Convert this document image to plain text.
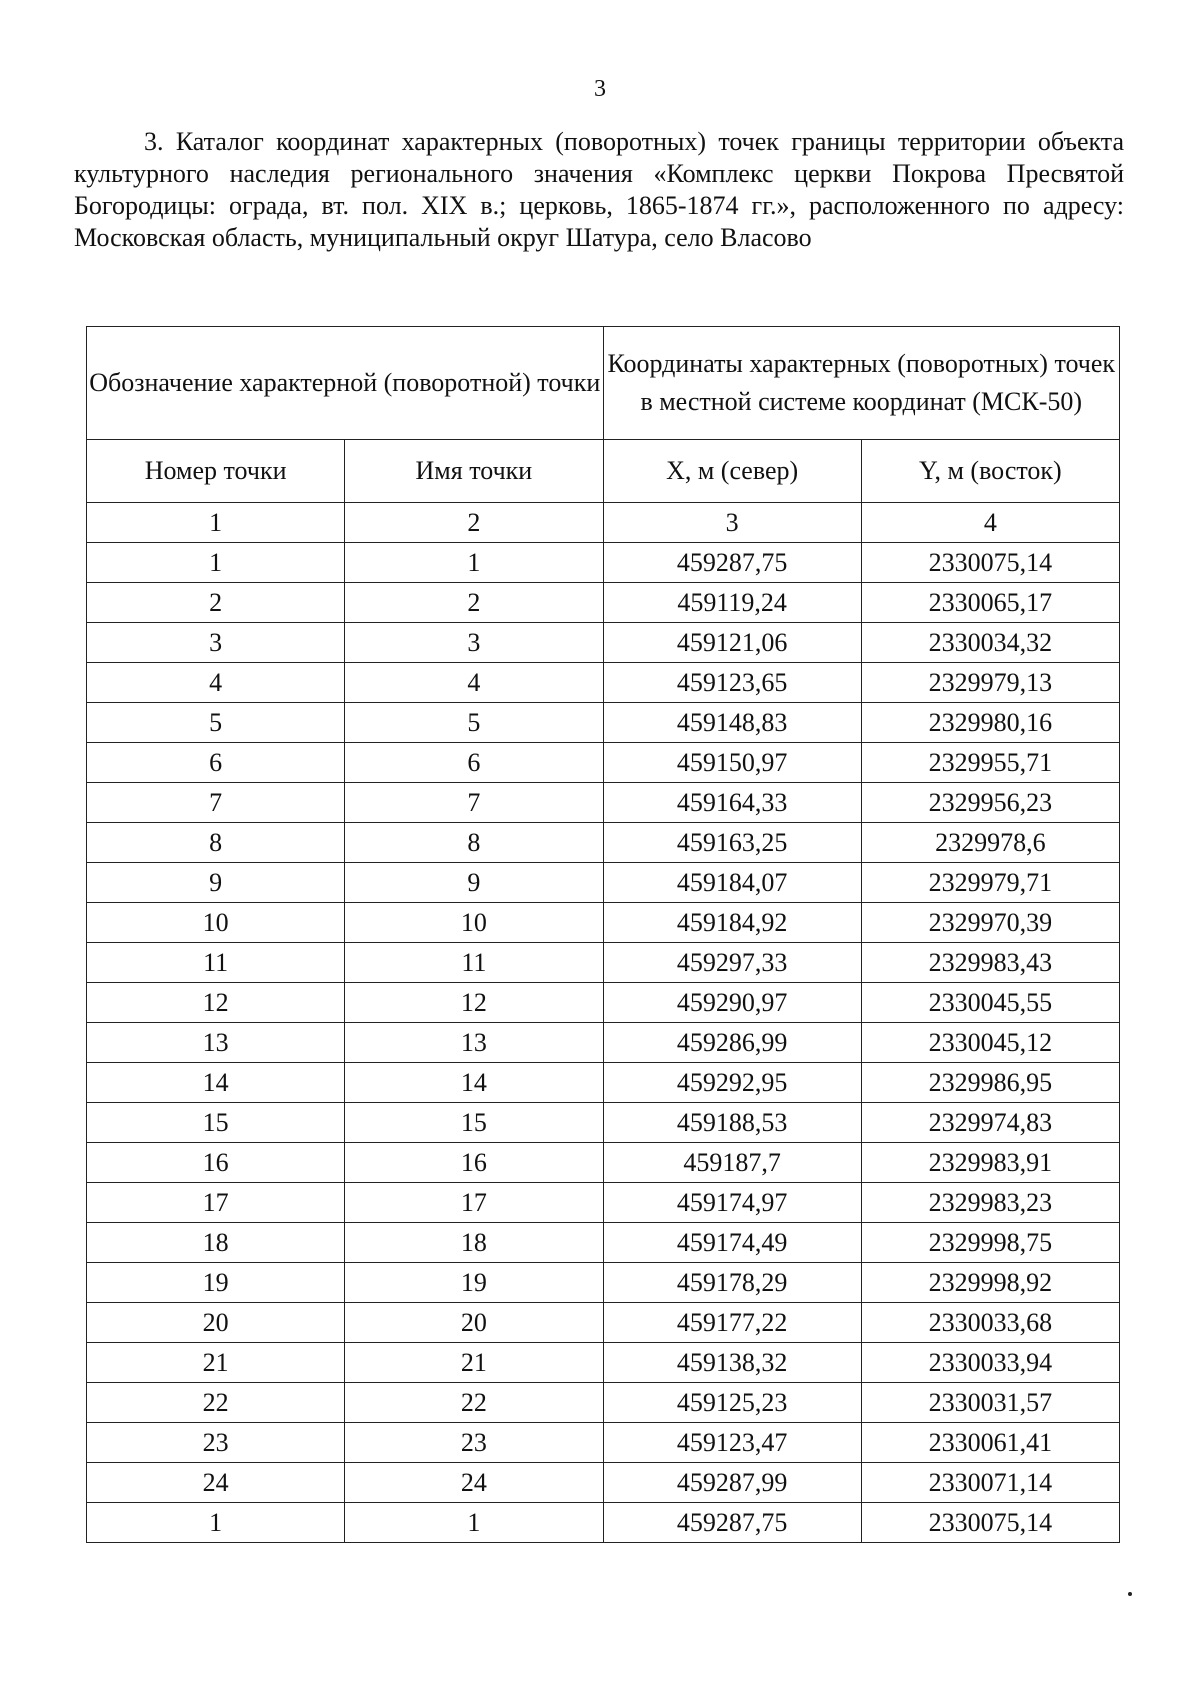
3

3. Каталог координат характерных (поворотных) точек границы территории объекта культурного наследия регионального значения «Комплекс церкви Покрова Пресвятой Богородицы: ограда, вт. пол. XIX в.; церковь, 1865-1874 гг.», расположенного по адресу: Московская область, муниципальный округ Шатура, село Власово

Обозначение характерной (поворотной) точки		Координаты характерных (поворотных) точек в местной системе координат (МСК-50)	
Номер точки	Имя точки	X, м (север)	Y, м (восток)
1	2	3	4
1	1	459287,75	2330075,14
2	2	459119,24	2330065,17
3	3	459121,06	2330034,32
4	4	459123,65	2329979,13
5	5	459148,83	2329980,16
6	6	459150,97	2329955,71
7	7	459164,33	2329956,23
8	8	459163,25	2329978,6
9	9	459184,07	2329979,71
10	10	459184,92	2329970,39
11	11	459297,33	2329983,43
12	12	459290,97	2330045,55
13	13	459286,99	2330045,12
14	14	459292,95	2329986,95
15	15	459188,53	2329974,83
16	16	459187,7	2329983,91
17	17	459174,97	2329983,23
18	18	459174,49	2329998,75
19	19	459178,29	2329998,92
20	20	459177,22	2330033,68
21	21	459138,32	2330033,94
22	22	459125,23	2330031,57
23	23	459123,47	2330061,41
24	24	459287,99	2330071,14
1	1	459287,75	2330075,14
